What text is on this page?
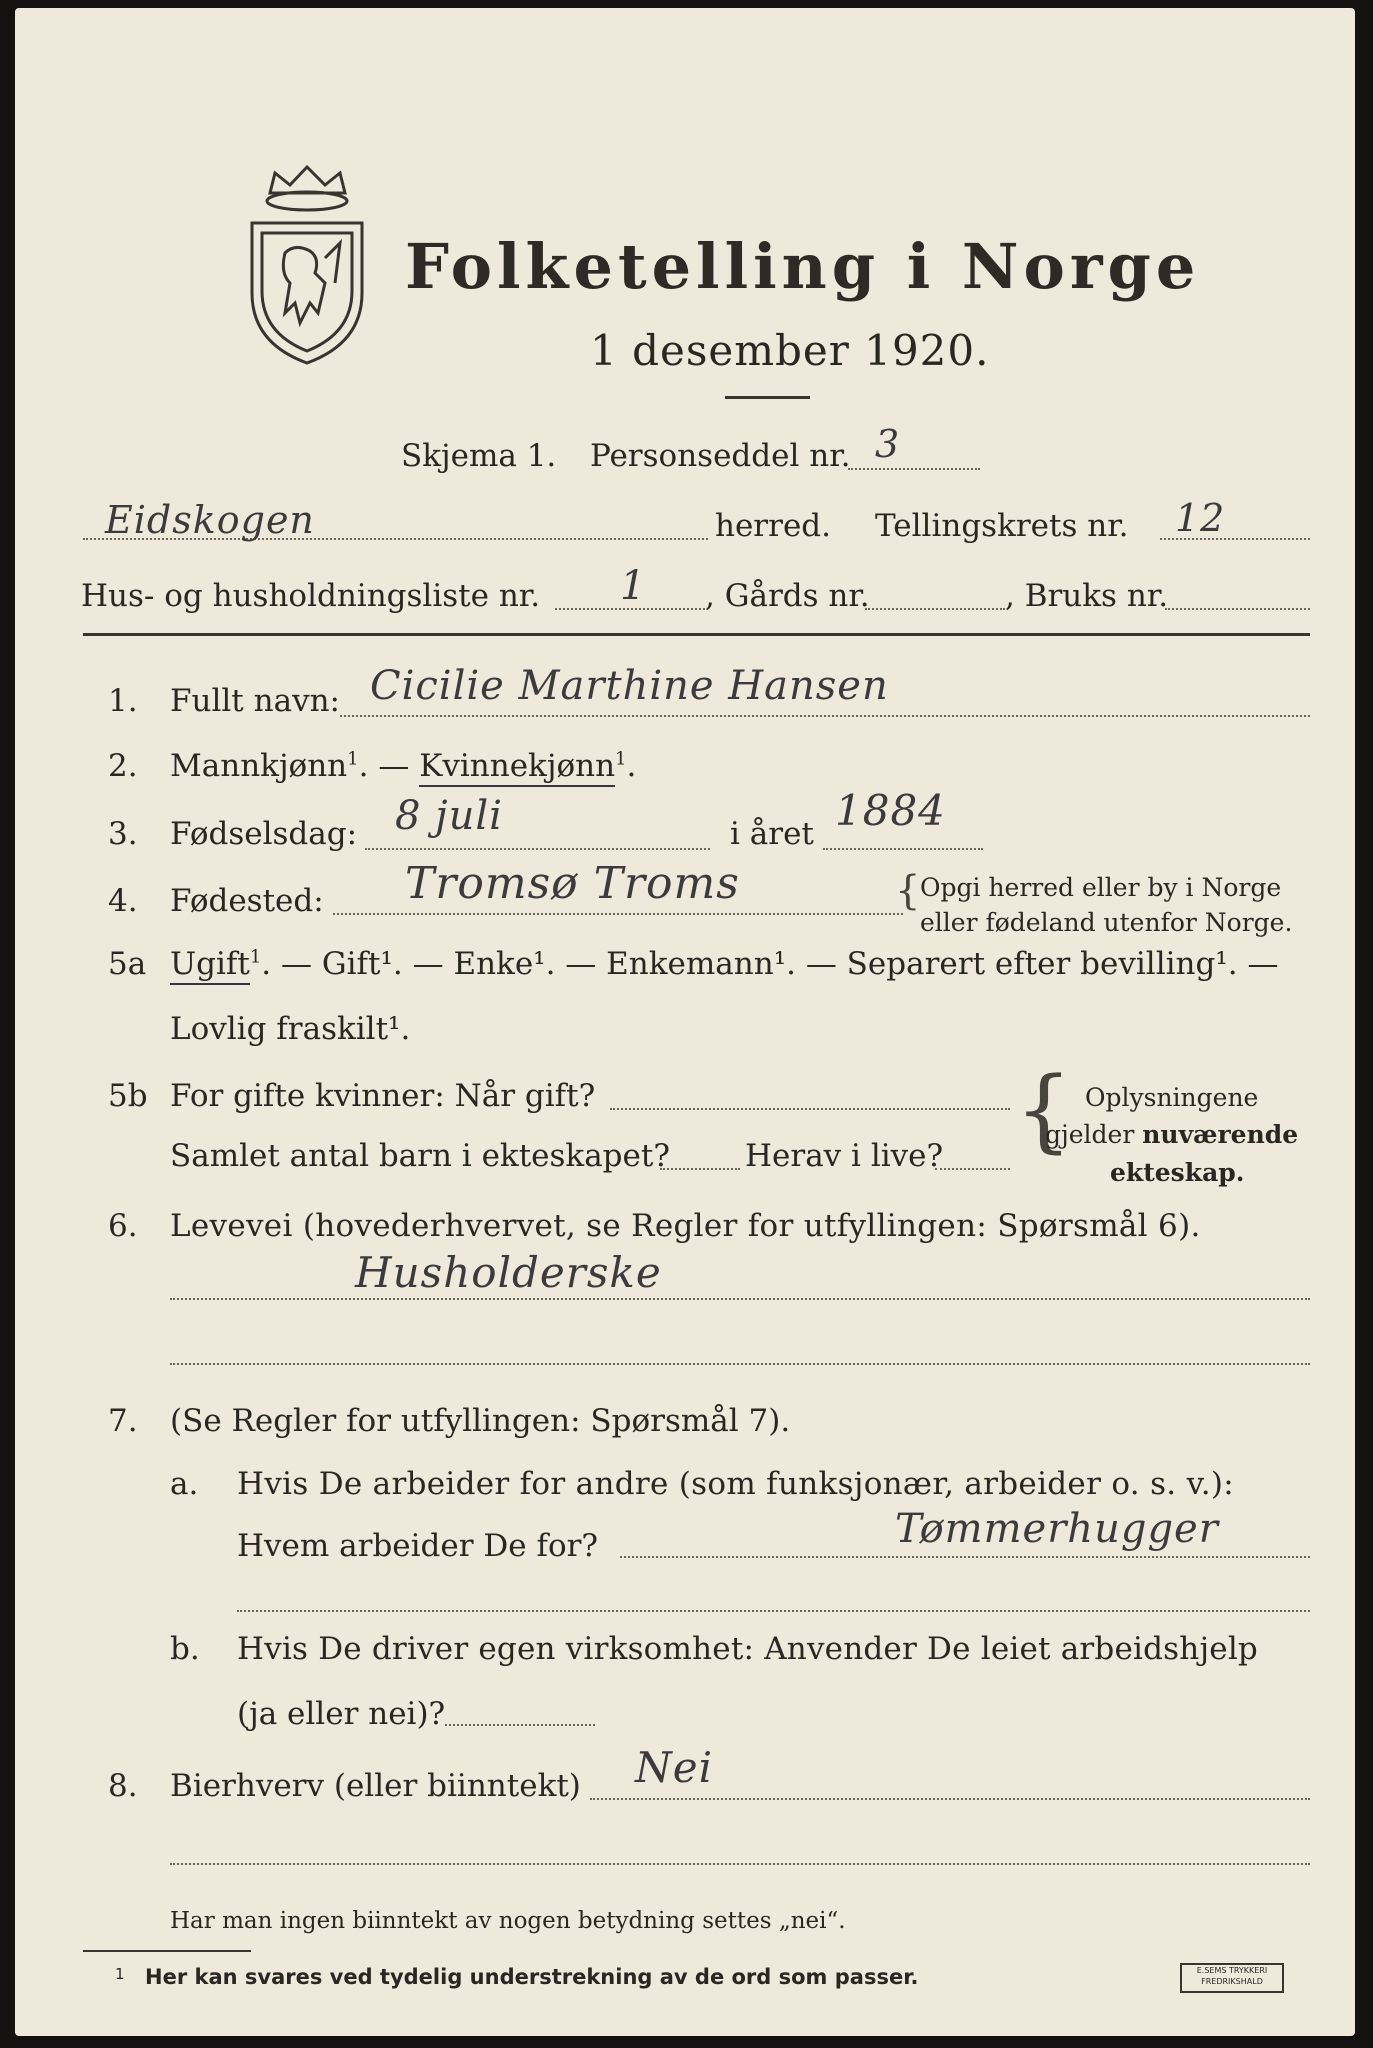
Folketelling i Norge
1 desember 1920.
Skjema 1. Personseddel nr. 3
Eidskogen	herred. Tellingskrets nr. 12
Hus- og husholdningsliste nr. 1 , Gårds nr.	, Bruks nr.
1. Fullt navn: Cicilie Marthine Hansen
2. Mannkjønn$^1$. — Kvinnekjønn$^1$.
3. Fødselsdag: 8 juli	i året 1884
4. Fødested: Tromsø Troms	{ Opgi herred eller by i Norge
eller fødeland utenfor Norge.
5a Ugift$^1$. — Gift¹. — Enke¹. — Enkemann¹. — Separert efter bevilling¹. —
Lovlig fraskilt¹.
5b For gifte kvinner: Når gift?
Samlet antal barn i ekteskapet? Herav i live? { Oplysningene
gjelder nuværende
ekteskap.
6. Levevei (hovederhvervet, se Regler for utfyllingen: Spørsmål 6).
Husholderske
7. (Se Regler for utfyllingen: Spørsmål 7).
a. Hvis De arbeider for andre (som funksjonær, arbeider o. s. v.):
Hvem arbeider De for?	Tømmerhugger
b. Hvis De driver egen virksomhet: Anvender De leiet arbeidshjelp
(ja eller nei)?
8. Bierhverv (eller biinntekt) Nei
Har man ingen biinntekt av nogen betydning settes „nei“.
1 Her kan svares ved tydelig understrekning av de ord som passer.	E.SEMS TRYKKERI
FREDRIKSHALD
